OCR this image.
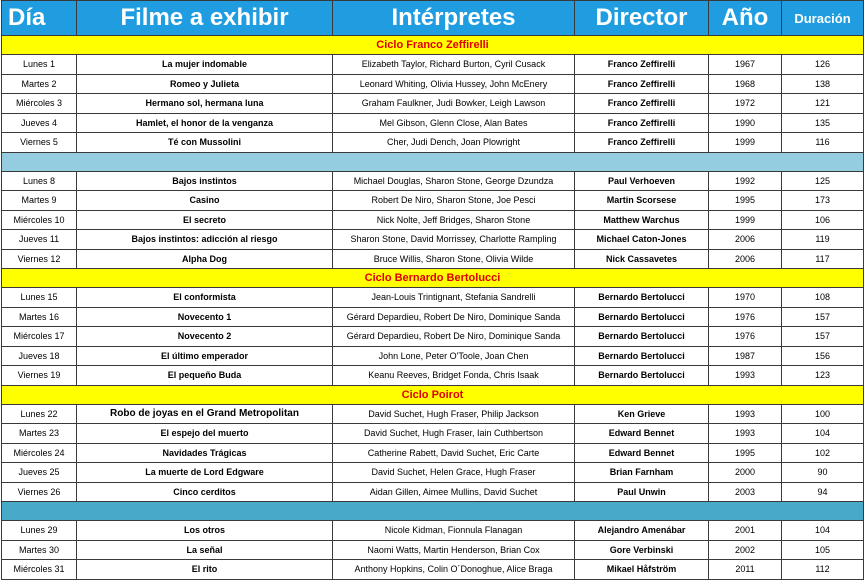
Día	Filme a exhibir	Intérpretes	Director	Año	Duración
Ciclo Franco Zeffirelli					
Lunes 1	La mujer indomable	Elizabeth Taylor, Richard Burton, Cyril Cusack	Franco Zeffirelli	1967	126
Martes 2	Romeo y Julieta	Leonard Whiting, Olivia Hussey, John McEnery	Franco Zeffirelli	1968	138
Miércoles 3	Hermano sol, hermana luna	Graham Faulkner, Judi Bowker, Leigh Lawson	Franco Zeffirelli	1972	121
Jueves 4	Hamlet, el honor de la venganza	Mel Gibson, Glenn Close, Alan Bates	Franco Zeffirelli	1990	135
Viernes 5	Té con Mussolini	Cher, Judi Dench, Joan Plowright	Franco Zeffirelli	1999	116

Lunes 8	Bajos instintos	Michael Douglas, Sharon Stone, George Dzundza	Paul Verhoeven	1992	125
Martes 9	Casino	Robert De Niro, Sharon Stone, Joe Pesci	Martin Scorsese	1995	173
Miércoles 10	El secreto	Nick Nolte, Jeff Bridges, Sharon Stone	Matthew Warchus	1999	106
Jueves 11	Bajos instintos: adicción al riesgo	Sharon Stone, David Morrissey, Charlotte Rampling	Michael Caton-Jones	2006	119
Viernes 12	Alpha Dog	Bruce Willis, Sharon Stone, Olivia Wilde	Nick Cassavetes	2006	117
Ciclo Bernardo Bertolucci					
Lunes 15	El conformista	Jean-Louis Trintignant, Stefania Sandrelli	Bernardo Bertolucci	1970	108
Martes 16	Novecento 1	Gérard Depardieu, Robert De Niro, Dominique Sanda	Bernardo Bertolucci	1976	157
Miércoles 17	Novecento 2	Gérard Depardieu, Robert De Niro, Dominique Sanda	Bernardo Bertolucci	1976	157
Jueves 18	El último emperador	John Lone, Peter O'Toole, Joan Chen	Bernardo Bertolucci	1987	156
Viernes 19	El pequeño Buda	Keanu Reeves, Bridget Fonda, Chris Isaak	Bernardo Bertolucci	1993	123
Ciclo Poirot					
Lunes 22	Robo de joyas en el Grand Metropolitan	David Suchet, Hugh Fraser, Philip Jackson	Ken Grieve	1993	100
Martes 23	El espejo del muerto	David Suchet, Hugh Fraser, Iain Cuthbertson	Edward Bennet	1993	104
Miércoles 24	Navidades Trágicas	Catherine Rabett, David Suchet, Eric Carte	Edward Bennet	1995	102
Jueves 25	La muerte de Lord Edgware	David Suchet, Helen Grace, Hugh Fraser	Brian Farnham	2000	90
Viernes 26	Cinco cerditos	Aidan Gillen, Aimee Mullins, David Suchet	Paul Unwin	2003	94

Lunes 29	Los otros	Nicole Kidman, Fionnula Flanagan	Alejandro Amenábar	2001	104
Martes 30	La señal	Naomi Watts, Martin Henderson, Brian Cox	Gore Verbinski	2002	105
Miércoles 31	El rito	Anthony Hopkins, Colin O´Donoghue, Alice Braga	Mikael Håfström	2011	112
